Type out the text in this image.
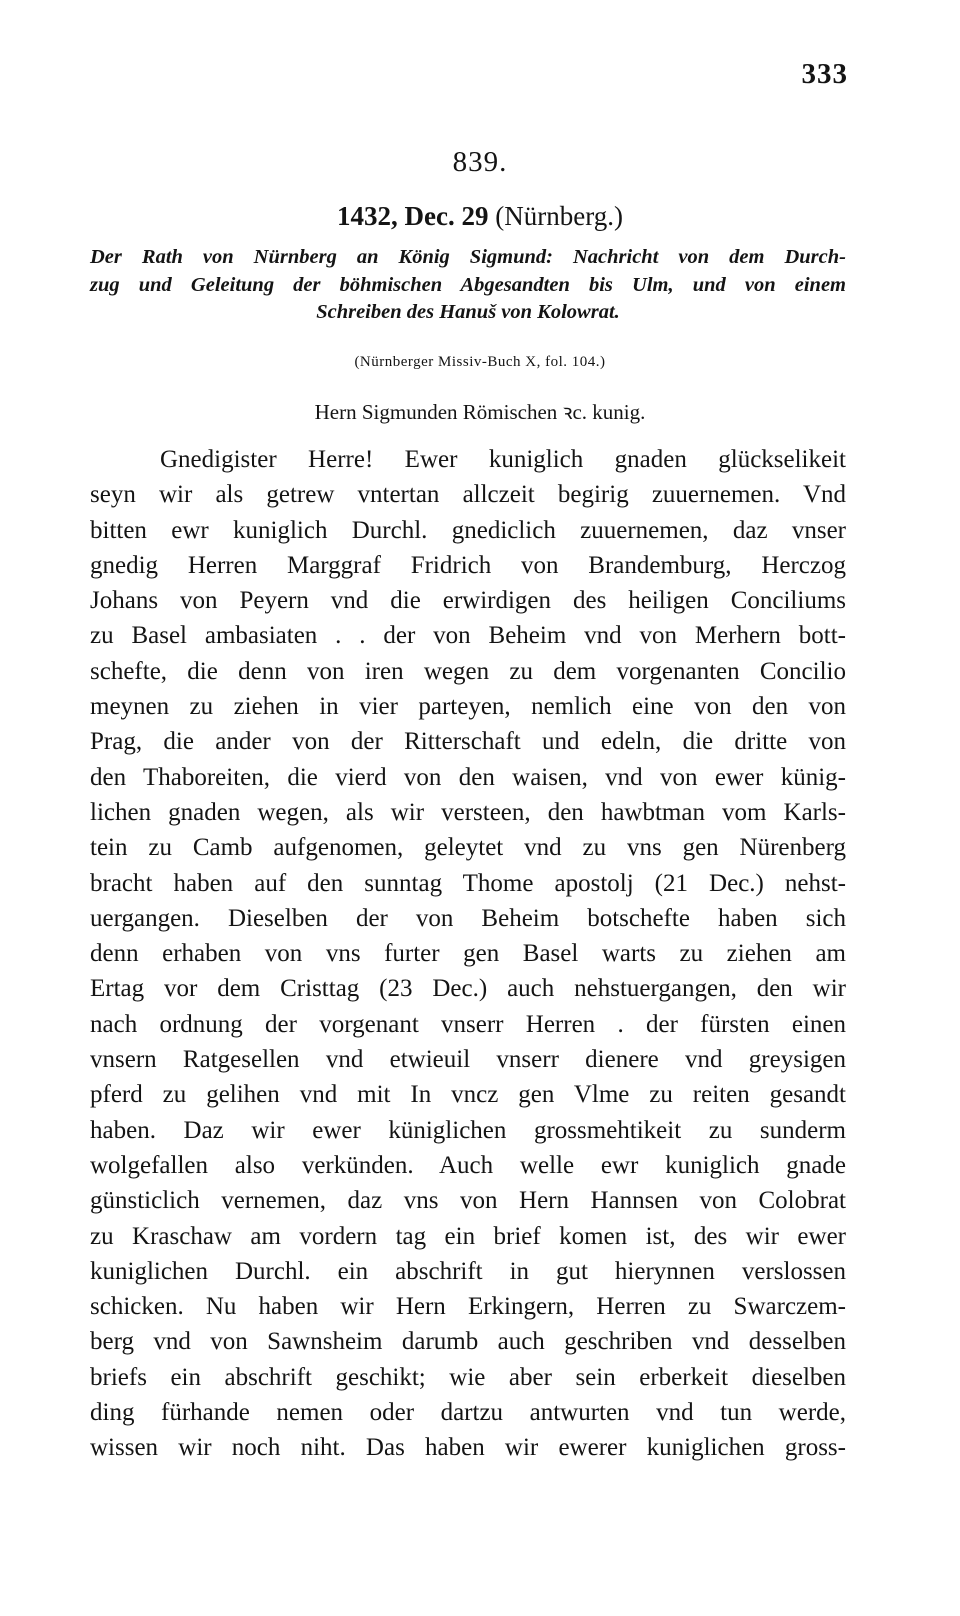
333
839.
1432, Dec. 29 (Nürnberg.)
Der Rath von Nürnberg an König Sigmund: Nachricht von dem Durch-
zug und Geleitung der böhmischen Abgesandten bis Ulm, und von einem
Schreiben des Hanuš von Kolowrat.
(Nürnberger Missiv-Buch X, fol. 104.)
Hern Sigmunden Römischen ꝛc. kunig.
Gnedigister Herre! Ewer kuniglich gnaden glückselikeit
seyn wir als getrew vntertan allczeit begirig zuuernemen. Vnd
bitten ewr kuniglich Durchl. gnediclich zuuernemen, daz vnser
gnedig Herren Marggraf Fridrich von Brandemburg, Herczog
Johans von Peyern vnd die erwirdigen des heiligen Conciliums
zu Basel ambasiaten . . der von Beheim vnd von Merhern bott-
schefte, die denn von iren wegen zu dem vorgenanten Concilio
meynen zu ziehen in vier parteyen, nemlich eine von den von
Prag, die ander von der Ritterschaft und edeln, die dritte von
den Thaboreiten, die vierd von den waisen, vnd von ewer künig-
lichen gnaden wegen, als wir versteen, den hawbtman vom Karls-
tein zu Camb aufgenomen, geleytet vnd zu vns gen Nürenberg
bracht haben auf den sunntag Thome apostolj (21 Dec.) nehst-
uergangen. Dieselben der von Beheim botschefte haben sich
denn erhaben von vns furter gen Basel warts zu ziehen am
Ertag vor dem Cristtag (23 Dec.) auch nehstuergangen, den wir
nach ordnung der vorgenant vnserr Herren . der fürsten einen
vnsern Ratgesellen vnd etwieuil vnserr dienere vnd greysigen
pferd zu gelihen vnd mit In vncz gen Vlme zu reiten gesandt
haben. Daz wir ewer küniglichen grossmehtikeit zu sunderm
wolgefallen also verkünden. Auch welle ewr kuniglich gnade
günsticlich vernemen, daz vns von Hern Hannsen von Colobrat
zu Kraschaw am vordern tag ein brief komen ist, des wir ewer
kuniglichen Durchl. ein abschrift in gut hierynnen verslossen
schicken. Nu haben wir Hern Erkingern, Herren zu Swarczem-
berg vnd von Sawnsheim darumb auch geschriben vnd desselben
briefs ein abschrift geschikt; wie aber sein erberkeit dieselben
ding fürhande nemen oder dartzu antwurten vnd tun werde,
wissen wir noch niht. Das haben wir ewerer kuniglichen gross-
